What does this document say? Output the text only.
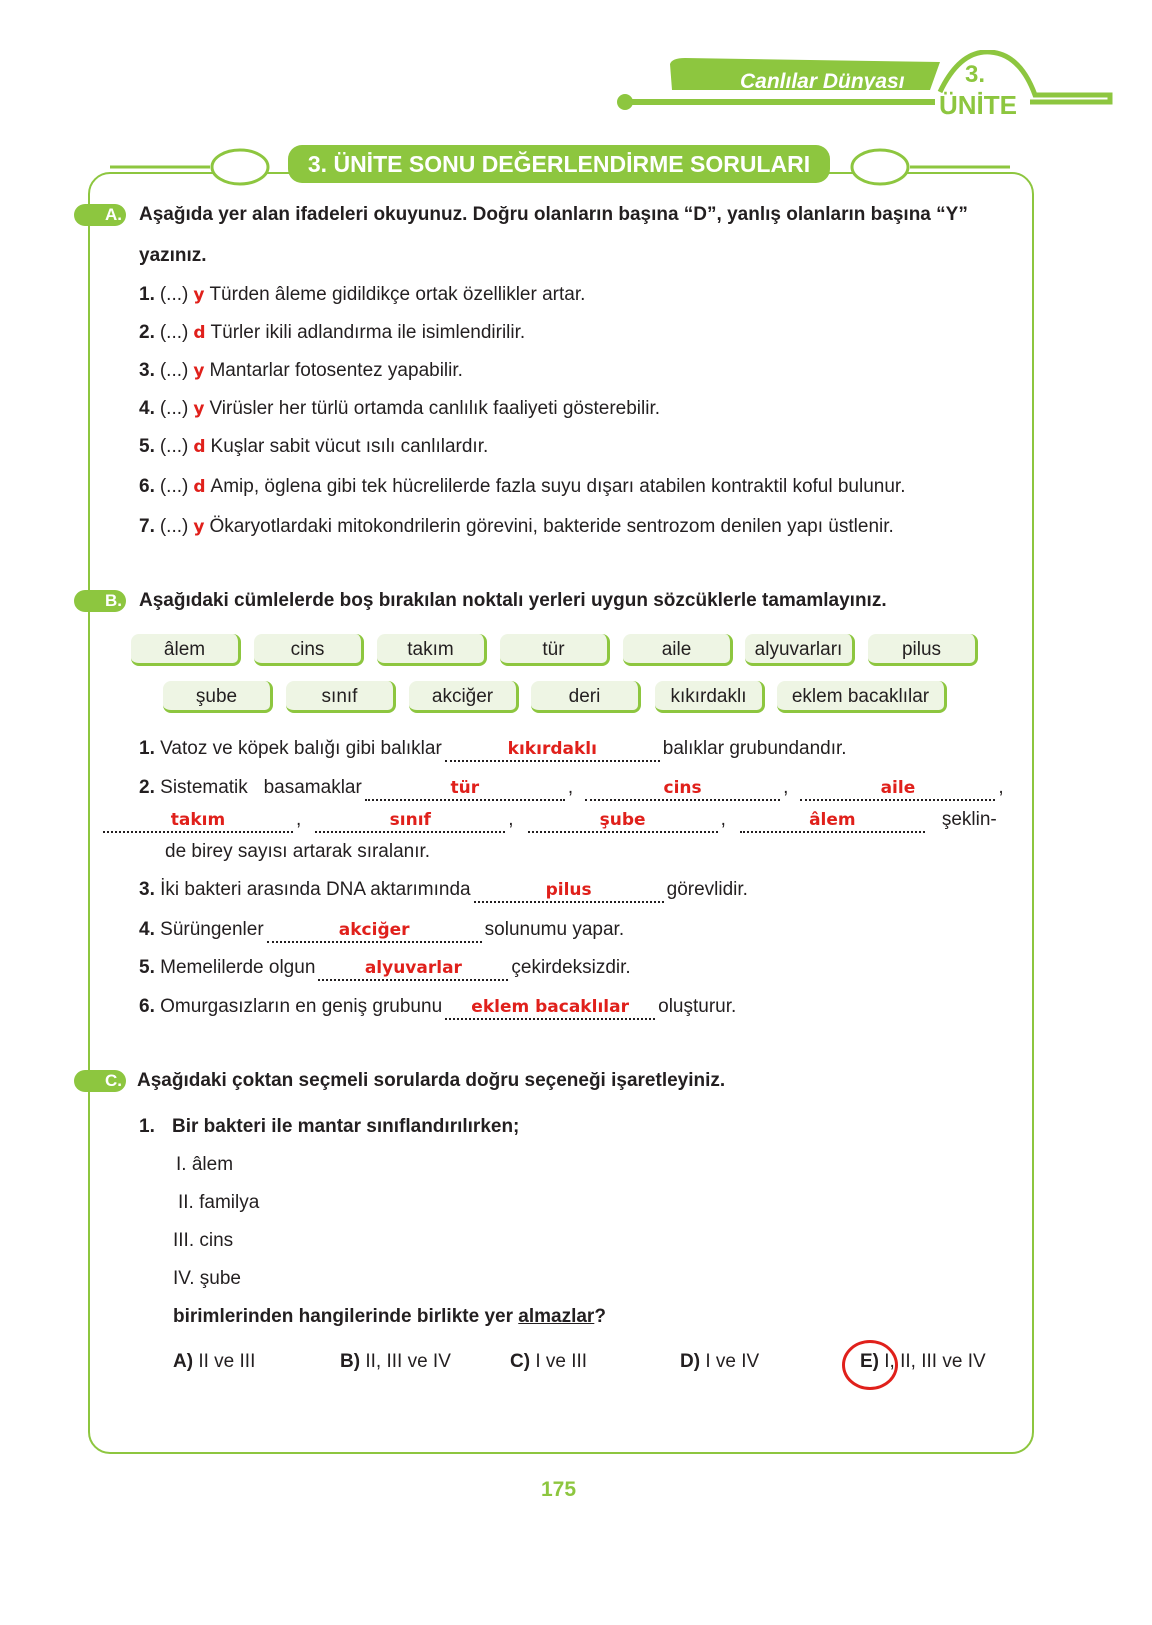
Canlılar Dünyası	3.
ÜNİTE
3. ÜNİTE SONU DEĞERLENDİRME SORULARI
A. Aşağıda yer alan ifadeleri okuyunuz. Doğru olanların başına “D”, yanlış olanların başına “Y”
yazınız.
1. (...) y Türden âleme gidildikçe ortak özellikler artar.
2. (...) d Türler ikili adlandırma ile isimlendirilir.
3. (...) y Mantarlar fotosentez yapabilir.
4. (...) y Virüsler her türlü ortamda canlılık faaliyeti gösterebilir.
5. (...) d Kuşlar sabit vücut ısılı canlılardır.
6. (...) d Amip, öglena gibi tek hücrelilerde fazla suyu dışarı atabilen kontraktil koful bulunur.
7. (...) y Ökaryotlardaki mitokondrilerin görevini, bakteride sentrozom denilen yapı üstlenir.
B. Aşağıdaki cümlelerde boş bırakılan noktalı yerleri uygun sözcüklerle tamamlayınız.
âlem	cins	takım	tür	aile	alyuvarları	pilus
şube	sınıf	akciğer	deri	kıkırdaklı	eklem bacaklılar
1. Vatoz ve köpek balığı gibi balıklar	kıkırdaklı	balıklar grubundandır.
2. Sistematik   basamaklar	tür	,	cins	,	aile	,
takım	,	sınıf	,	şube	,	âlem	şeklin-
de birey sayısı artarak sıralanır.
3. İki bakteri arasında DNA aktarımında	pilus	görevlidir.
4. Sürüngenler	akciğer	solunumu yapar.
5. Memelilerde olgun	alyuvarlar	çekirdeksizdir.
6. Omurgasızların en geniş grubunu eklem bacaklılar oluşturur.
C. Aşağıdaki çoktan seçmeli sorularda doğru seçeneği işaretleyiniz.
1. Bir bakteri ile mantar sınıflandırılırken;
I. âlem
II. familya
III. cins
IV. şube
birimlerinden hangilerinde birlikte yer almazlar?
A) II ve III	B) II, III ve IV	C) I ve III	D) I ve IV	E) I, II, III ve IV
175
